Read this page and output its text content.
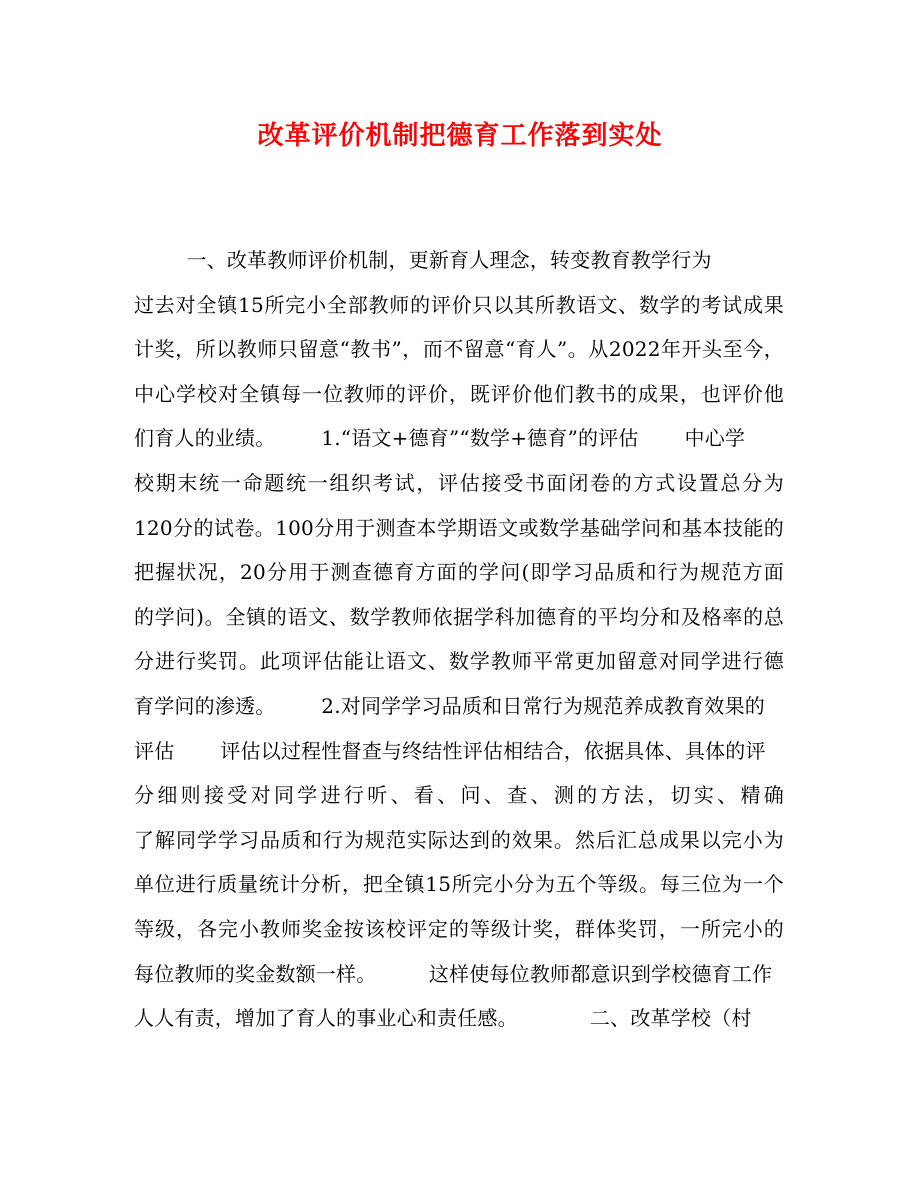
改革评价机制把德育工作落到实处
一、改革教师评价机制，更新育人理念，转变教育教学行为
过去对全镇15所完小全部教师的评价只以其所教语文、数学的考试成果
计奖，所以教师只留意“教书”，而不留意“育人”。从2022年开头至今，
中心学校对全镇每一位教师的评价，既评价他们教书的成果，也评价他
们育人的业绩。       1.“语文+德育”“数学+德育”的评估       中心学
校期末统一命题统一组织考试，评估接受书面闭卷的方式设置总分为
120分的试卷。100分用于测查本学期语文或数学基础学问和基本技能的
把握状况，20分用于测查德育方面的学问(即学习品质和行为规范方面
的学问)。全镇的语文、数学教师依据学科加德育的平均分和及格率的总
分进行奖罚。此项评估能让语文、数学教师平常更加留意对同学进行德
育学问的渗透。       2.对同学学习品质和日常行为规范养成教育效果的
评估       评估以过程性督查与终结性评估相结合，依据具体、具体的评
分细则接受对同学进行听、看、问、查、测的方法，切实、精确
了解同学学习品质和行为规范实际达到的效果。然后汇总成果以完小为
单位进行质量统计分析，把全镇15所完小分为五个等级。每三位为一个
等级，各完小教师奖金按该校评定的等级计奖，群体奖罚，一所完小的
每位教师的奖金数额一样。        这样使每位教师都意识到学校德育工作
人人有责，增加了育人的事业心和责任感。           二、改革学校（村
